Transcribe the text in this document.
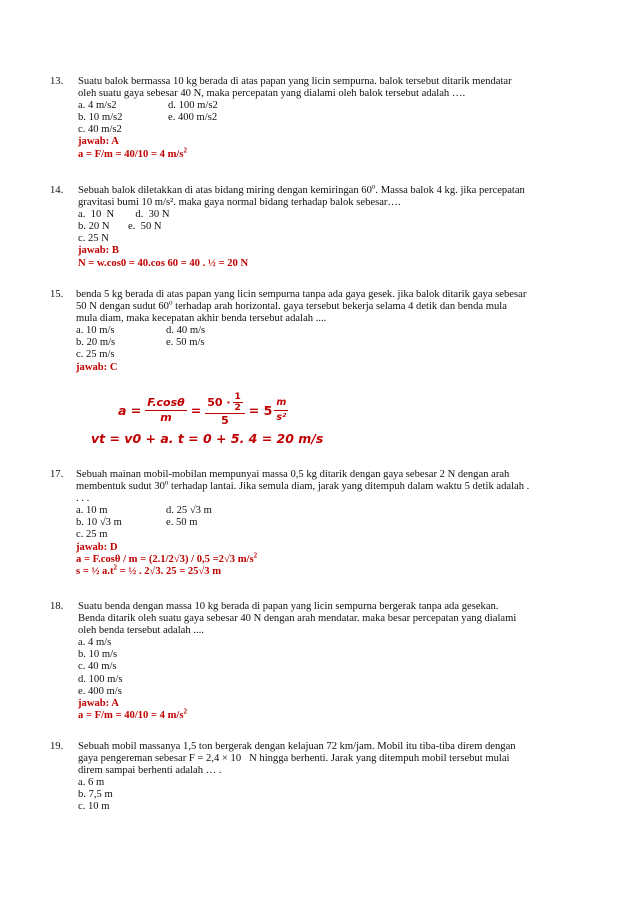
13. Suatu balok bermassa 10 kg berada di atas papan yang licin sempurna. balok tersebut ditarik mendatar
oleh suatu gaya sebesar 40 N, maka percepatan yang dialami oleh balok tersebut adalah ….
a. 4 m/s2	d. 100 m/s2
b. 10 m/s2	e. 400 m/s2
c. 40 m/s2
jawab: A
a = F/m = 40/10 = 4 $m/s^2$
14. Sebuah balok diletakkan di atas bidang miring dengan kemiringan 60$^o$. Massa balok 4 kg. jika percepatan
gravitasi bumi 10 m/s². maka gaya normal bidang terhadap balok sebesar….
a.  10  N        d.  30 N
b. 20 N       e.  50 N
c. 25 N
jawab: B
N = w.cos0 = 40.cos 60 = 40 . ½ = 20 N
15. benda 5 kg berada di atas papan yang licin sempurna tanpa ada gaya gesek. jika balok ditarik gaya sebesar
50 N dengan sudut 60$^o$ terhadap arah horizontal. gaya tersebut bekerja selama 4 detik dan benda mula
mula diam, maka kecepatan akhir benda tersebut adalah ....
a. 10 m/s	d. 40 m/s
b. 20 m/s	e. 50 m/s
c. 25 m/s
jawab: C
$a = \frac{F.\cos\theta}{m} = \frac{50 \cdot \frac{1}{2}}{5} = 5 \frac{m}{\text{s²}}$
vt = v0 + a. t = 0 + 5. 4 = 20 m/s
17. Sebuah mainan mobil-mobilan mempunyai massa 0,5 kg ditarik dengan gaya sebesar 2 N dengan arah
membentuk sudut 30$^o$ terhadap lantai. Jika semula diam, jarak yang ditempuh dalam waktu 5 detik adalah .
. . .
a. 10 m	d. 25 √3 m
b. 10 √3 m	e. 50 m
c. 25 m
jawab: D
a = F.cosθ / m = (2.1/2√3) / 0,5 =2√3 $m/s^2$
s = ½ $a.t^2$ = ½ . 2√3. 25 = 25√3 m
18. Suatu benda dengan massa 10 kg berada di papan yang licin sempurna bergerak tanpa ada gesekan.
Benda ditarik oleh suatu gaya sebesar 40 N dengan arah mendatar. maka besar percepatan yang dialami
oleh benda tersebut adalah ....
a. 4 m/s
b. 10 m/s
c. 40 m/s
d. 100 m/s
e. 400 m/s
jawab: A
a = F/m = 40/10 = 4 $m/s^2$
19. Sebuah mobil massanya 1,5 ton bergerak dengan kelajuan 72 km/jam. Mobil itu tiba-tiba direm dengan
gaya pengereman sebesar F = 2,4 × 10   N hingga berhenti. Jarak yang ditempuh mobil tersebut mulai
direm sampai berhenti adalah … .
a. 6 m
b. 7,5 m
c. 10 m
